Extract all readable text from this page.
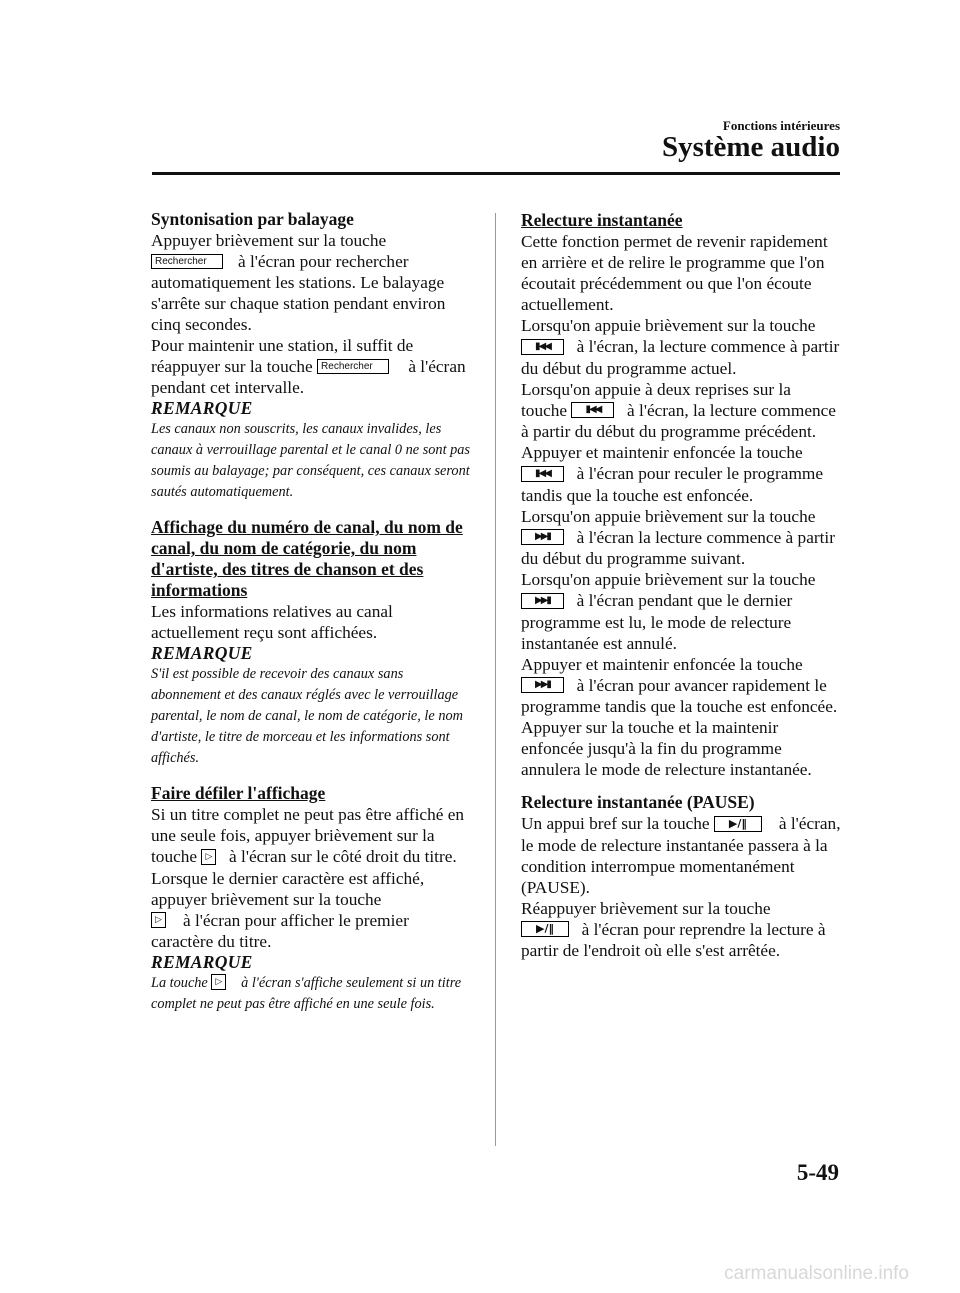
Fonctions intérieures
Système audio

Syntonisation par balayage

Appuyer brièvement sur la touche
Rechercher à l'écran pour rechercher automatiquement les stations. Le balayage s'arrête sur chaque station pendant environ cinq secondes.

Pour maintenir une station, il suffit de réappuyer sur la touche Rechercher à l'écran pendant cet intervalle.

REMARQUE

Les canaux non souscrits, les canaux invalides, les canaux à verrouillage parental et le canal 0 ne sont pas soumis au balayage; par conséquent, ces canaux seront sautés automatiquement.

Affichage du numéro de canal, du nom de canal, du nom de catégorie, du nom d'artiste, des titres de chanson et des informations

Les informations relatives au canal actuellement reçu sont affichées.

REMARQUE

S'il est possible de recevoir des canaux sans abonnement et des canaux réglés avec le verrouillage parental, le nom de canal, le nom de catégorie, le nom d'artiste, le titre de morceau et les informations sont affichés.

Faire défiler l'affichage

Si un titre complet ne peut pas être affiché en une seule fois, appuyer brièvement sur la touche ▷ à l'écran sur le côté droit du titre. Lorsque le dernier caractère est affiché, appuyer brièvement sur la touche
▷ à l'écran pour afficher le premier caractère du titre.

REMARQUE

La touche ▷ à l'écran s'affiche seulement si un titre complet ne peut pas être affiché en une seule fois.

Relecture instantanée

Cette fonction permet de revenir rapidement en arrière et de relire le programme que l'on écoutait précédemment ou que l'on écoute actuellement.

Lorsqu'on appuie brièvement sur la touche
▮◀◀ à l'écran, la lecture commence à partir du début du programme actuel.

Lorsqu'on appuie à deux reprises sur la touche ▮◀◀ à l'écran, la lecture commence à partir du début du programme précédent.

Appuyer et maintenir enfoncée la touche
▮◀◀ à l'écran pour reculer le programme tandis que la touche est enfoncée.

Lorsqu'on appuie brièvement sur la touche
▶▶▮ à l'écran la lecture commence à partir du début du programme suivant.

Lorsqu'on appuie brièvement sur la touche
▶▶▮ à l'écran pendant que le dernier programme est lu, le mode de relecture instantanée est annulé.

Appuyer et maintenir enfoncée la touche
▶▶▮ à l'écran pour avancer rapidement le programme tandis que la touche est enfoncée.

Appuyer sur la touche et la maintenir enfoncée jusqu'à la fin du programme annulera le mode de relecture instantanée.

Relecture instantanée (PAUSE)

Un appui bref sur la touche ▶/‖ à l'écran, le mode de relecture instantanée passera à la condition interrompue momentanément (PAUSE).

Réappuyer brièvement sur la touche
▶/‖ à l'écran pour reprendre la lecture à partir de l'endroit où elle s'est arrêtée.

5-49
carmanualsonline.info
